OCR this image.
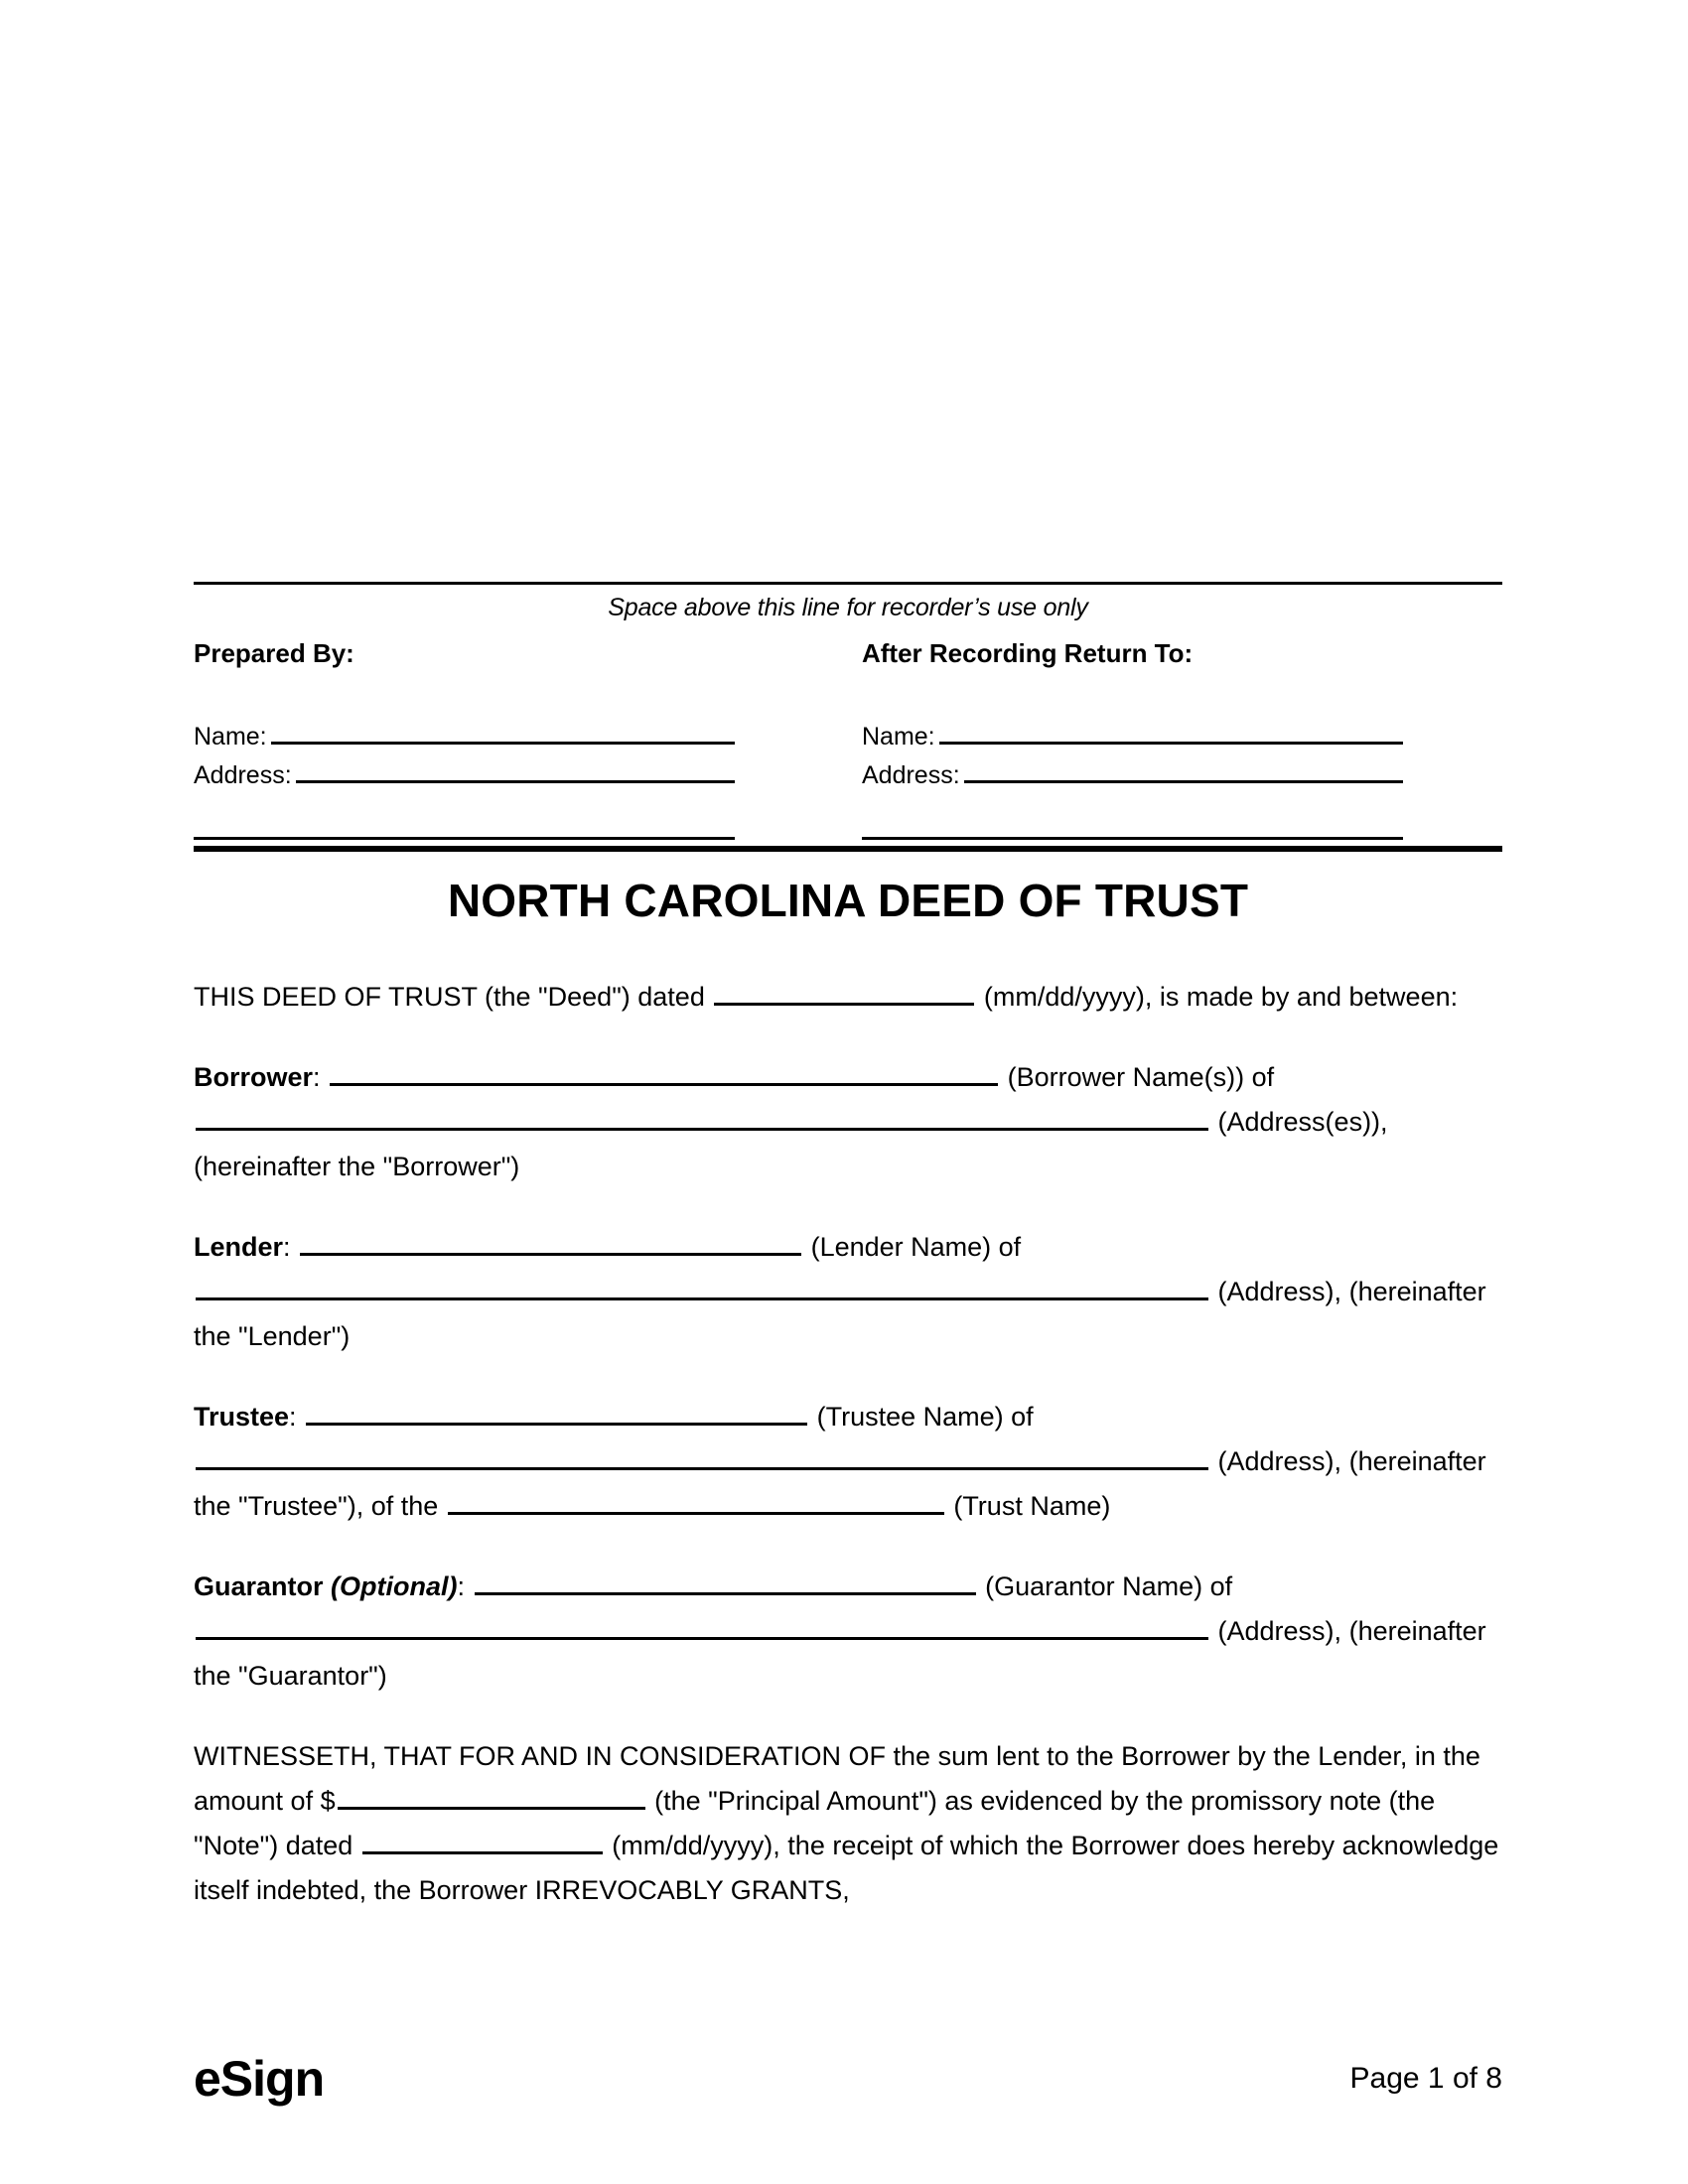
Space above this line for recorder’s use only
Prepared By:
Name:
Address:
After Recording Return To:
Name:
Address:
NORTH CAROLINA DEED OF TRUST

THIS DEED OF TRUST (the "Deed") dated	(mm/dd/yyyy), is made by and between:

Borrower:	(Borrower Name(s)) of  (Address(es)), (hereinafter the "Borrower")

Lender:	(Lender Name) of  (Address), (hereinafter the "Lender")

Trustee:	(Trustee Name) of  (Address), (hereinafter the "Trustee"), of the	(Trust Name)

Guarantor (Optional):	(Guarantor Name) of  (Address), (hereinafter the "Guarantor")

WITNESSETH, THAT FOR AND IN CONSIDERATION OF the sum lent to the Borrower by the Lender, in the amount of $	(the "Principal Amount") as evidenced by the promissory note (the "Note") dated	(mm/dd/yyyy), the receipt of which the Borrower does hereby acknowledge itself indebted, the Borrower IRREVOCABLY GRANTS,

eSign	Page 1 of 8
